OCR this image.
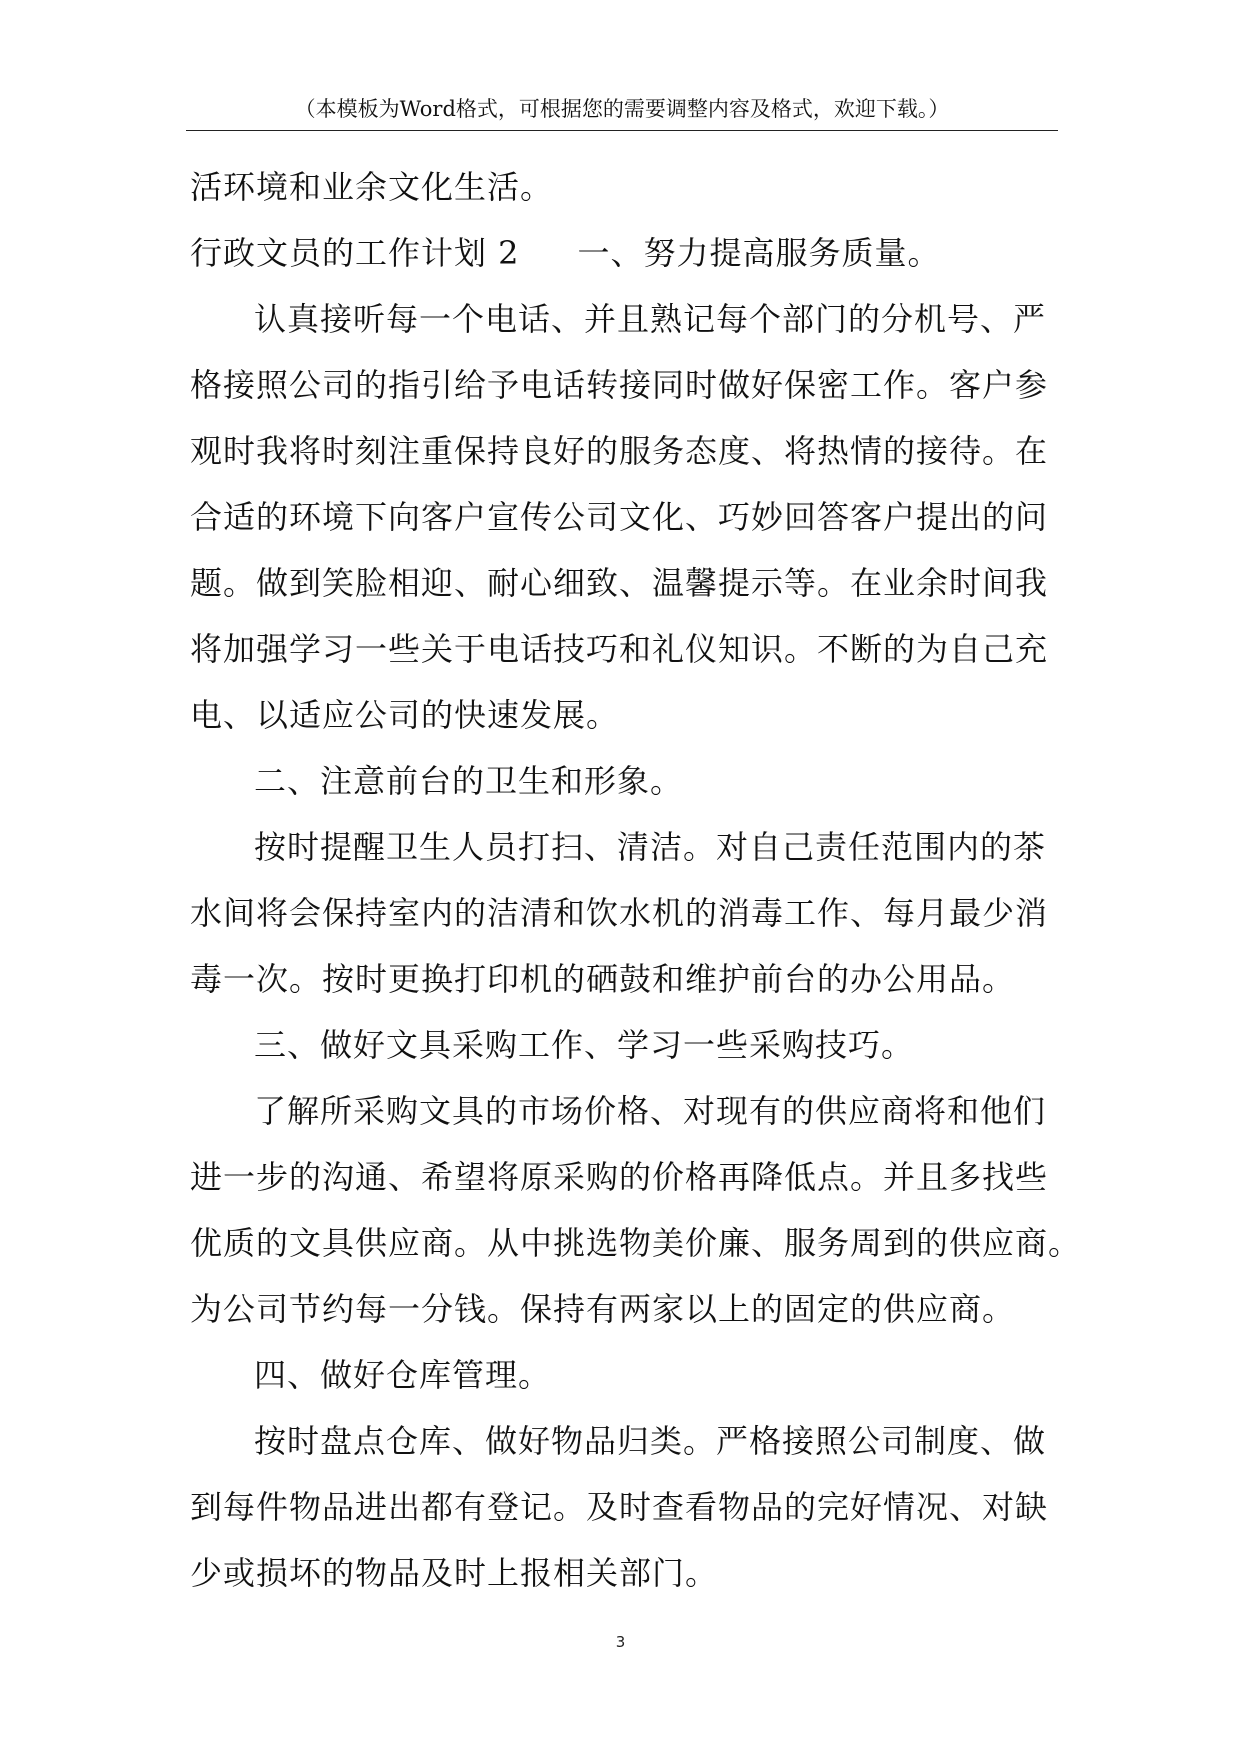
（本模板为Word格式，可根据您的需要调整内容及格式，欢迎下载。）
活环境和业余文化生活。
行政文员的工作计划 2 一、努力提高服务质量。
认真接听每一个电话、并且熟记每个部门的分机号、严
格接照公司的指引给予电话转接同时做好保密工作。客户参
观时我将时刻注重保持良好的服务态度、将热情的接待。在
合适的环境下向客户宣传公司文化、巧妙回答客户提出的问
题。做到笑脸相迎、耐心细致、温馨提示等。在业余时间我
将加强学习一些关于电话技巧和礼仪知识。不断的为自己充
电、以适应公司的快速发展。
二、注意前台的卫生和形象。
按时提醒卫生人员打扫、清洁。对自己责任范围内的茶
水间将会保持室内的洁清和饮水机的消毒工作、每月最少消
毒一次。按时更换打印机的硒鼓和维护前台的办公用品。
三、做好文具采购工作、学习一些采购技巧。
了解所采购文具的市场价格、对现有的供应商将和他们
进一步的沟通、希望将原采购的价格再降低点。并且多找些
优质的文具供应商。从中挑选物美价廉、服务周到的供应商。
为公司节约每一分钱。保持有两家以上的固定的供应商。
四、做好仓库管理。
按时盘点仓库、做好物品归类。严格接照公司制度、做
到每件物品进出都有登记。及时查看物品的完好情况、对缺
少或损坏的物品及时上报相关部门。
3
